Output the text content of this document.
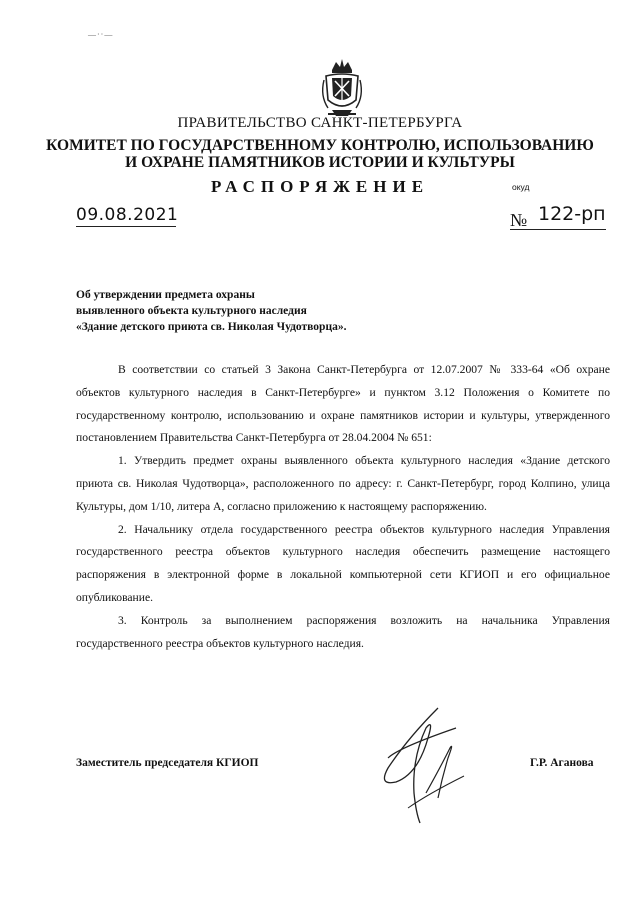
—··—
ПРАВИТЕЛЬСТВО САНКТ-ПЕТЕРБУРГА
КОМИТЕТ ПО ГОСУДАРСТВЕННОМУ КОНТРОЛЮ, ИСПОЛЬЗОВАНИЮ
И ОХРАНЕ ПАМЯТНИКОВ ИСТОРИИ И КУЛЬТУРЫ
РАСПОРЯЖЕНИЕ	окуд
09.08.2021	№ 122-рп
Об утверждении предмета охраны
выявленного объекта культурного наследия
«Здание детского приюта св. Николая Чудотворца».

В соответствии со статьей 3 Закона Санкт-Петербурга от 12.07.2007 № 333-64 «Об охране объектов культурного наследия в Санкт-Петербурге» и пунктом 3.12 Положения о Комитете по государственному контролю, использованию и охране памятников истории и культуры, утвержденного постановлением Правительства Санкт-Петербурга от 28.04.2004 № 651:

1. Утвердить предмет охраны выявленного объекта культурного наследия «Здание детского приюта св. Николая Чудотворца», расположенного по адресу: г. Санкт-Петербург, город Колпино, улица Культуры, дом 1/10, литера А, согласно приложению к настоящему распоряжению.

2. Начальнику отдела государственного реестра объектов культурного наследия Управления государственного реестра объектов культурного наследия обеспечить размещение настоящего распоряжения в электронной форме в локальной компьютерной сети КГИОП и его официальное опубликование.

3. Контроль за выполнением распоряжения возложить на начальника Управления государственного реестра объектов культурного наследия.

Заместитель председателя КГИОП	Г.Р. Аганова
